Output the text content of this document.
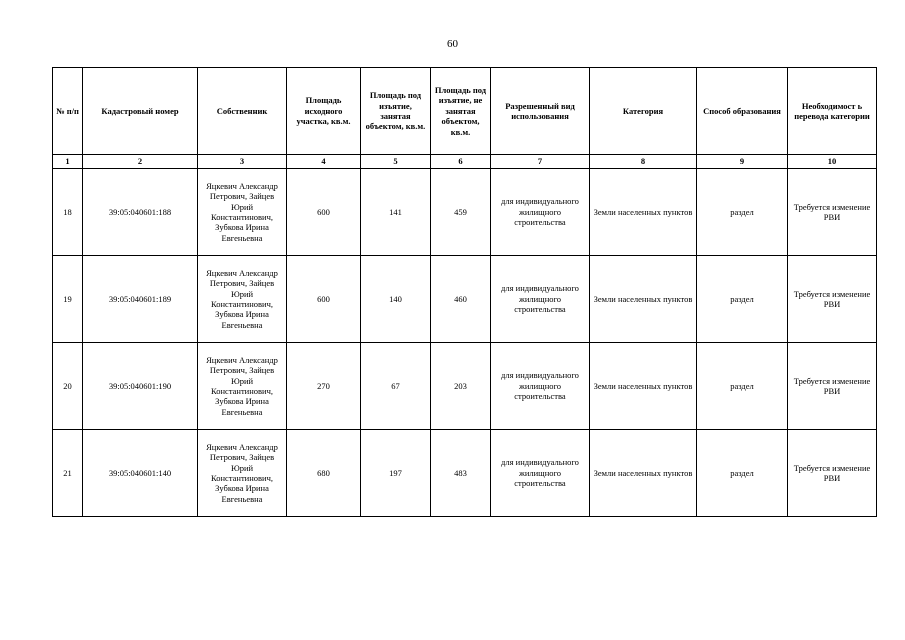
60
№ п/п	Кадастровый номер	Собственник	Площадь исходного участка, кв.м.	Площадь под изъятие, занятая объектом, кв.м.	Площадь под изъятие, не занятая объектом, кв.м.	Разрешенный вид использования	Категория	Способ образования	Необходимост ь перевода категории
1	2	3	4	5	6	7	8	9	10
18	39:05:040601:188	Яцкевич Александр Петрович, Зайцев Юрий Константинович, Зубкова Ирина Евгеньевна	600	141	459	для индивидуального жилищного строительства	Земли населенных пунктов	раздел	Требуется изменение РВИ
19	39:05:040601:189	Яцкевич Александр Петрович, Зайцев Юрий Константинович, Зубкова Ирина Евгеньевна	600	140	460	для индивидуального жилищного строительства	Земли населенных пунктов	раздел	Требуется изменение РВИ
20	39:05:040601:190	Яцкевич Александр Петрович, Зайцев Юрий Константинович, Зубкова Ирина Евгеньевна	270	67	203	для индивидуального жилищного строительства	Земли населенных пунктов	раздел	Требуется изменение РВИ
21	39:05:040601:140	Яцкевич Александр Петрович, Зайцев Юрий Константинович, Зубкова Ирина Евгеньевна	680	197	483	для индивидуального жилищного строительства	Земли населенных пунктов	раздел	Требуется изменение РВИ
